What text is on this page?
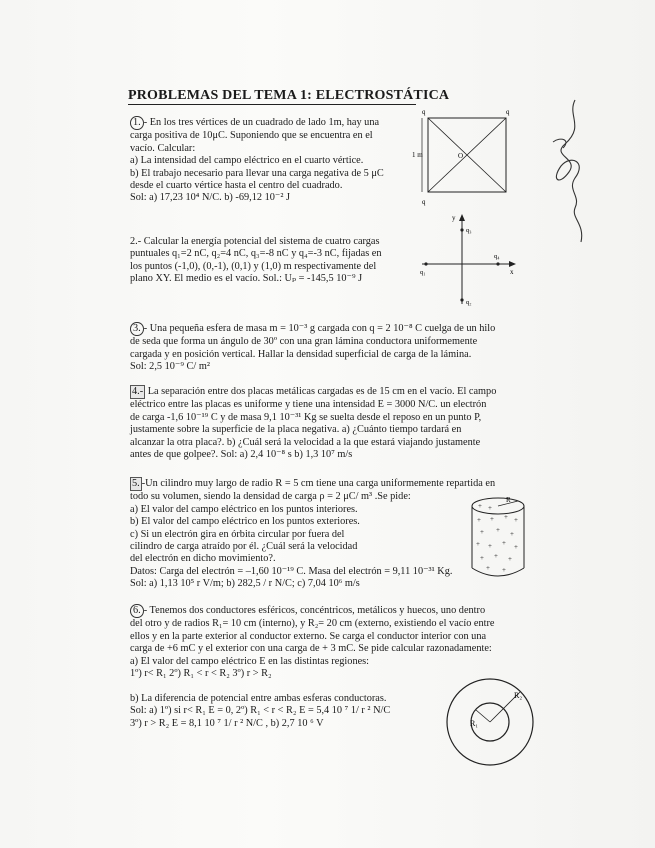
PROBLEMAS DEL TEMA 1: ELECTROSTÁTICA

1. - En los tres vértices de un cuadrado de lado 1m, hay una

carga positiva de 10μC. Suponiendo que se encuentra en el

vacío. Calcular:

a) La intensidad del campo eléctrico en el cuarto vértice.

b) El trabajo necesario para llevar una carga negativa de 5 μC

desde el cuarto vértice hasta el centro del cuadrado.

Sol: a) 17,23 10⁴ N/C. b) -69,12 10⁻² J

1 m	O
q	q
q

2.- Calcular la energía potencial del sistema de cuatro cargas

puntuales q₁=2 nC, q₂=4 nC, q₃=-8 nC y q₄=-3 nC, fijadas en

los puntos (-1,0), (0,-1), (0,1) y (1,0) m respectivamente del

plano XY. El medio es el vacío. Sol.: Uₚ = -145,5 10⁻⁹ J

y
x
q₃
q₂
q₁
q₄

3. - Una pequeña esfera de masa m = 10⁻³ g cargada con q = 2 10⁻⁸ C cuelga de un hilo

de seda que forma un ángulo de 30º con una gran lámina conductora uniformemente

cargada y en posición vertical. Hallar la densidad superficial de carga de la lámina.

Sol: 2,5 10⁻⁹ C/ m²

4.- La separación entre dos placas metálicas cargadas es de 15 cm en el vacío. El campo

eléctrico entre las placas es uniforme y tiene una intensidad E = 3000 N/C. un electrón

de carga -1,6 10⁻¹⁹ C y de masa 9,1 10⁻³¹ Kg se suelta desde el reposo en un punto P,

justamente sobre la superficie de la placa negativa. a) ¿Cuánto tiempo tardará en

alcanzar la otra placa?. b) ¿Cuál será la velocidad a la que estará viajando justamente

antes de que golpee?. Sol: a) 2,4 10⁻⁸ s b) 1,3 10⁷ m/s

5. -Un cilindro muy largo de radio R = 5 cm tiene una carga uniformemente repartida en

todo su volumen, siendo la densidad de carga ρ = 2 μC/ m³ .Se pide:

a) El valor del campo eléctrico en los puntos interiores.

b) El valor del campo eléctrico en los puntos exteriores.

c) Si un electrón gira en órbita circular por fuera del

cilindro de carga atraído por él. ¿Cuál será la velocidad

del electrón en dicho movimiento?.

Datos: Carga del electrón = –1,60 10⁻¹⁹ C. Masa del electrón = 9,11 10⁻³¹ Kg.

Sol: a) 1,13 10⁵ r V/m; b) 282,5 / r N/C; c) 7,04 10⁶ m/s

R
+ +
+ + + +
+ + +
+ + + +
+ + +
+ +

6. - Tenemos dos conductores esféricos, concéntricos, metálicos y huecos, uno dentro

del otro y de radios R₁= 10 cm (interno), y R₂= 20 cm (externo, existiendo el vacío entre

ellos y en la parte exterior al conductor externo. Se carga el conductor interior con una

carga de +6 mC y el exterior con una carga de + 3 mC. Se pide calcular razonadamente:

a) El valor del campo eléctrico E en las distintas regiones:

1º) r< R₁ 2º) R₁ < r < R₂ 3º) r > R₂

b) La diferencia de potencial entre ambas esferas conductoras.

Sol: a) 1º) si r< R₁ E = 0, 2º) R₁ < r < R₂ E = 5,4 10 ⁷ 1/ r ² N/C

3º) r > R₂ E = 8,1 10 ⁷ 1/ r ² N/C , b) 2,7 10 ⁶ V

R₂
R₁
